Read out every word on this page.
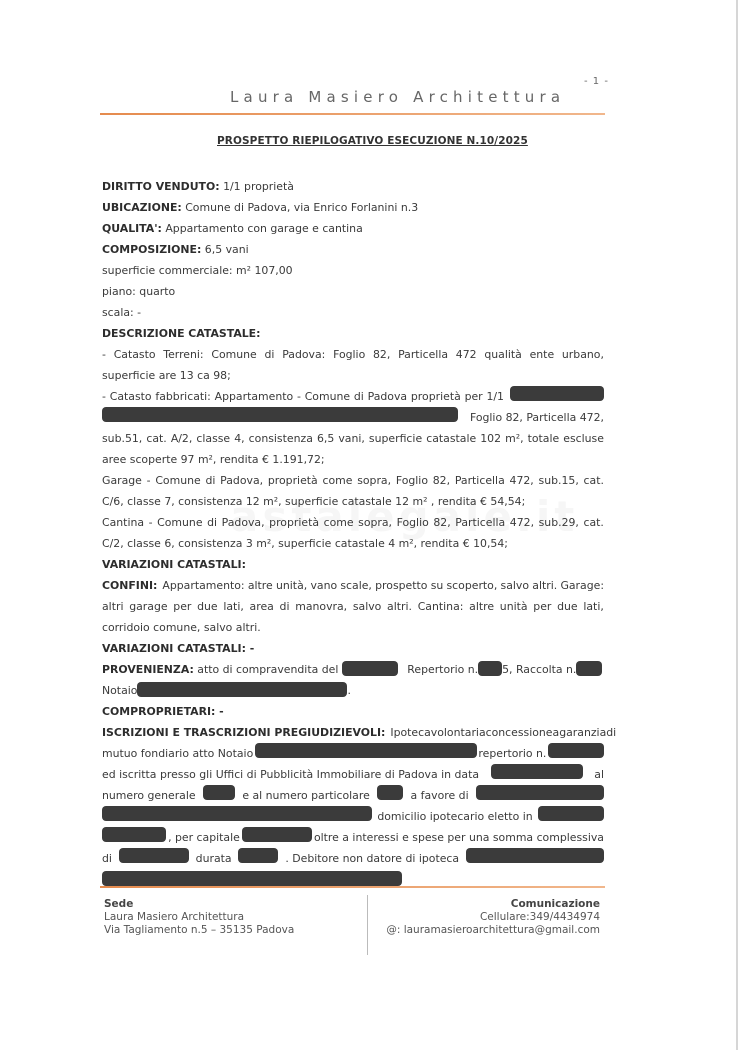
- 1 -
Laura Masiero Architettura
PROSPETTO RIEPILOGATIVO ESECUZIONE N.10/2025
DIRITTO VENDUTO: 1/1 proprietà
UBICAZIONE: Comune di Padova, via Enrico Forlanini n.3
QUALITA': Appartamento con garage e cantina
COMPOSIZIONE: 6,5 vani
superficie commerciale: m² 107,00
piano: quarto
scala: -
DESCRIZIONE CATASTALE:
- Catasto Terreni: Comune di Padova: Foglio 82, Particella 472 qualità ente urbano,
superficie are 13 ca 98;
- Catasto fabbricati: Appartamento - Comune di Padova proprietà per 1/1
Foglio 82, Particella 472,
sub.51, cat. A/2, classe 4, consistenza 6,5 vani, superficie catastale 102 m², totale escluse
aree scoperte 97 m², rendita € 1.191,72;
Garage - Comune di Padova, proprietà come sopra, Foglio 82, Particella 472, sub.15, cat.
C/6, classe 7, consistenza 12 m², superficie catastale 12 m² , rendita € 54,54;
Cantina - Comune di Padova, proprietà come sopra, Foglio 82, Particella 472, sub.29, cat.
C/2, classe 6, consistenza 3 m², superficie catastale 4 m², rendita € 10,54;
VARIAZIONI CATASTALI:
CONFINI: Appartamento: altre unità, vano scale, prospetto su scoperto, salvo altri. Garage:
altri garage per due lati, area di manovra, salvo altri. Cantina: altre unità per due lati,
corridoio comune, salvo altri.
VARIAZIONI CATASTALI: -
PROVENIENZA: atto di compravendita del	Repertorio n. 5, Raccolta n.
Notaio	.
COMPROPRIETARI: -
ISCRIZIONI E TRASCRIZIONI PREGIUDIZIEVOLI: Ipoteca volontaria concessione a garanzia di
mutuo fondiario atto Notaio	repertorio n.
ed iscritta presso gli Uffici di Pubblicità Immobiliare di Padova in data	al
numero generale	e al numero particolare	a favore di
domicilio ipotecario eletto in
, per capitale	oltre a interessi e spese per una somma complessiva
di	durata	. Debitore non datore di ipoteca
Sede
Laura Masiero Architettura
Via Tagliamento n.5 – 35135 Padova
Comunicazione
Cellulare:349/4434974
@: lauramasieroarchitettura@gmail.com
